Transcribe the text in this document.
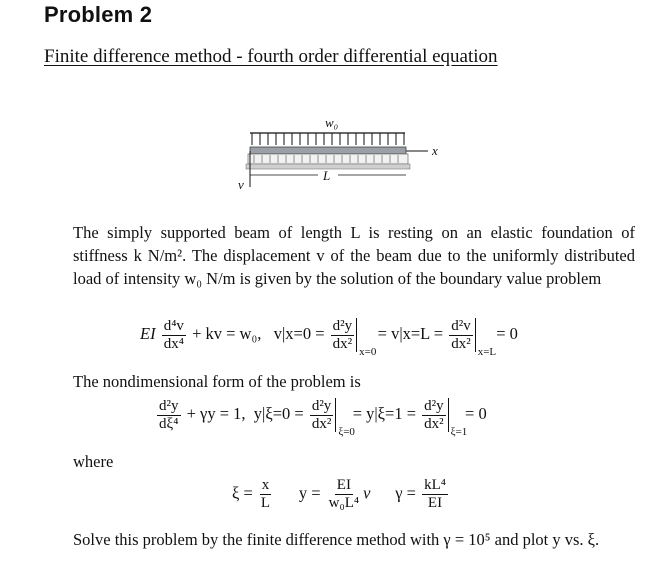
Problem 2
Finite difference method - fourth order differential equation
w₀
x
v
L
The simply supported beam of length L is resting on an elastic foundation of stiffness k N/m². The displacement v of the beam due to the uniformly distributed load of intensity w₀ N/m is given by the solution of the boundary value problem
EI $\frac{\text{d⁴v}}{\text{dx⁴}}$ + kv = w₀, $v|x=0 = \frac{\text{d²y}}{\text{dx²}}$
x=0
= $v|x=L = \frac{\text{d²v}}{\text{dx²}}$
x=L
= 0
The nondimensional form of the problem is
$\frac{\text{d²y}}{\text{dξ⁴}} + \gamma y = 1$, $y|\xi=0 = \frac{\text{d²y}}{\text{dx²}}$
ξ=0
= $y|\xi=1 = \frac{\text{d²y}}{\text{dx²}}$
ξ=1
= 0
where
$\xi = \frac{x}{L}$ $y = \frac{EI}{\text{w₀L⁴}}$ v $\gamma = \frac{\text{kL⁴}}{EI}$
Solve this problem by the finite difference method with γ = 10⁵ and plot y vs. ξ.
